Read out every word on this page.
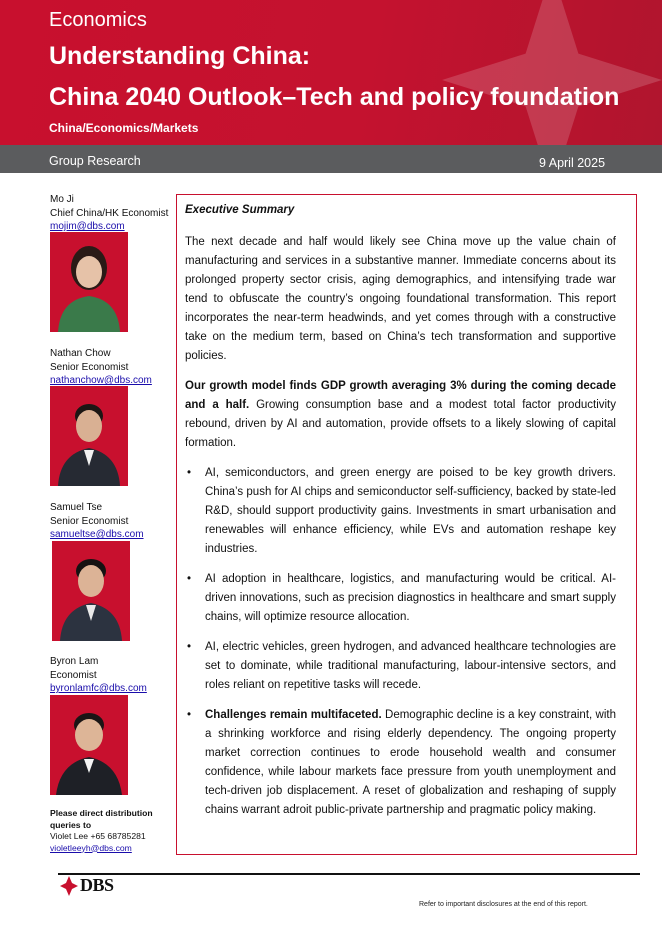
Economics
Understanding China:
China 2040 Outlook–Tech and policy foundation
China/Economics/Markets
Group Research	9 April 2025
Mo Ji
Chief China/HK Economist
mojim@dbs.com
Nathan Chow
Senior Economist
nathanchow@dbs.com
Samuel Tse
Senior Economist
samueltse@dbs.com
Byron Lam
Economist
byronlamfc@dbs.com
Please direct distribution queries to
Violet Lee +65 68785281
violetleeyh@dbs.com
Executive Summary

The next decade and half would likely see China move up the value chain of manufacturing and services in a substantive manner. Immediate concerns about its prolonged property sector crisis, aging demographics, and intensifying trade war tend to obfuscate the country’s ongoing foundational transformation. This report incorporates the near-term headwinds, and yet comes through with a constructive take on the medium term, based on China’s tech transformation and supportive policies.

Our growth model finds GDP growth averaging 3% during the coming decade and a half. Growing consumption base and a modest total factor productivity rebound, driven by AI and automation, provide offsets to a likely slowing of capital formation.

• AI, semiconductors, and green energy are poised to be key growth drivers. China’s push for AI chips and semiconductor self-sufficiency, backed by state-led R&D, should support productivity gains. Investments in smart urbanisation and renewables will enhance efficiency, while EVs and automation reshape key industries.
• AI adoption in healthcare, logistics, and manufacturing would be critical. AI-driven innovations, such as precision diagnostics in healthcare and smart supply chains, will optimize resource allocation.
• AI, electric vehicles, green hydrogen, and advanced healthcare technologies are set to dominate, while traditional manufacturing, labour-intensive sectors, and roles reliant on repetitive tasks will recede.
• Challenges remain multifaceted. Demographic decline is a key constraint, with a shrinking workforce and rising elderly dependency. The ongoing property market correction continues to erode household wealth and consumer confidence, while labour markets face pressure from youth unemployment and tech-driven job displacement. A reset of globalization and reshaping of supply chains warrant adroit public-private partnership and pragmatic policy making.
DBS
Refer to important disclosures at the end of this report.
